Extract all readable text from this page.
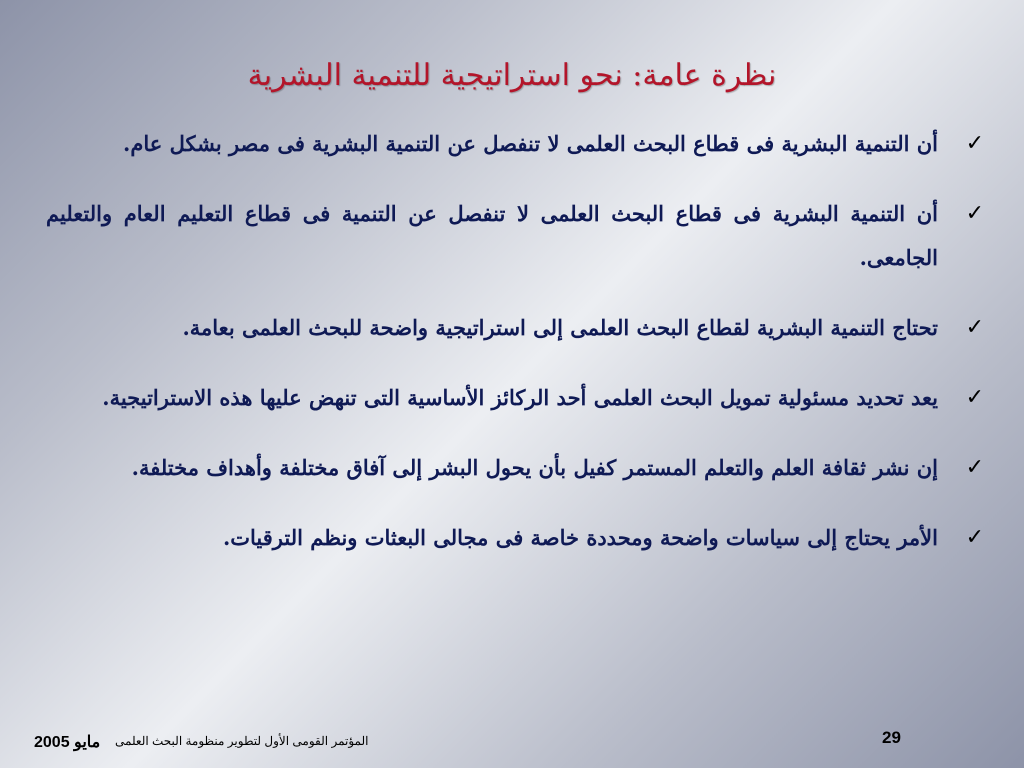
نظرة عامة: نحو استراتيجية للتنمية البشرية
✓
أن التنمية البشرية فى قطاع البحث العلمى لا تنفصل عن التنمية البشرية فى مصر بشكل عام.
✓
أن التنمية البشرية فى قطاع البحث العلمى لا تنفصل عن التنمية فى قطاع التعليم العام والتعليم الجامعى.
✓
تحتاج التنمية البشرية لقطاع البحث العلمى إلى استراتيجية واضحة للبحث العلمى بعامة.
✓
يعد تحديد مسئولية تمويل البحث العلمى أحد الركائز الأساسية التى تنهض عليها هذه الاستراتيجية.
✓
إن نشر ثقافة العلم والتعلم المستمر كفيل بأن يحول البشر إلى آفاق مختلفة وأهداف مختلفة.
✓
الأمر يحتاج إلى سياسات واضحة ومحددة خاصة فى مجالى البعثات ونظم الترقيات.
2005 مايو المؤتمر القومى الأول لتطوير منظومة البحث العلمى	29
